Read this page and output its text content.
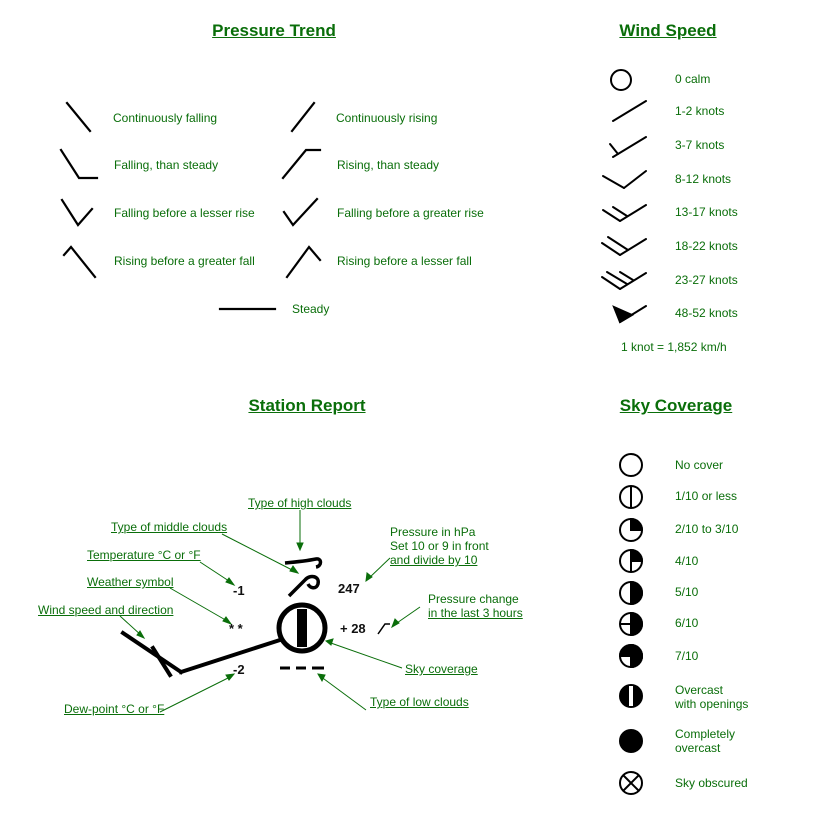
Pressure Trend
Continuously falling
Falling, than steady
Falling before a lesser rise
Rising before a greater fall
Continuously rising
Rising, than steady
Falling before a greater rise
Rising before a lesser fall
Steady
Wind Speed
0 calm
1-2 knots
3-7 knots
8-12 knots
13-17 knots
18-22 knots
23-27 knots
48-52 knots
1 knot = 1,852 km/h
Station Report
Type of high clouds
Type of middle clouds
Temperature °C or °F
Weather symbol
Wind speed and direction
Dew-point °C or °F
Pressure in hPa
Set 10 or 9 in front
and divide by 10
Pressure change
in the last 3 hours
Sky coverage
Type of low clouds
-1	247
* *	+ 28
-2
Sky Coverage
No cover
1/10 or less
2/10 to 3/10
4/10
5/10
6/10
7/10
Overcast
with openings
Completely
overcast
Sky obscured
